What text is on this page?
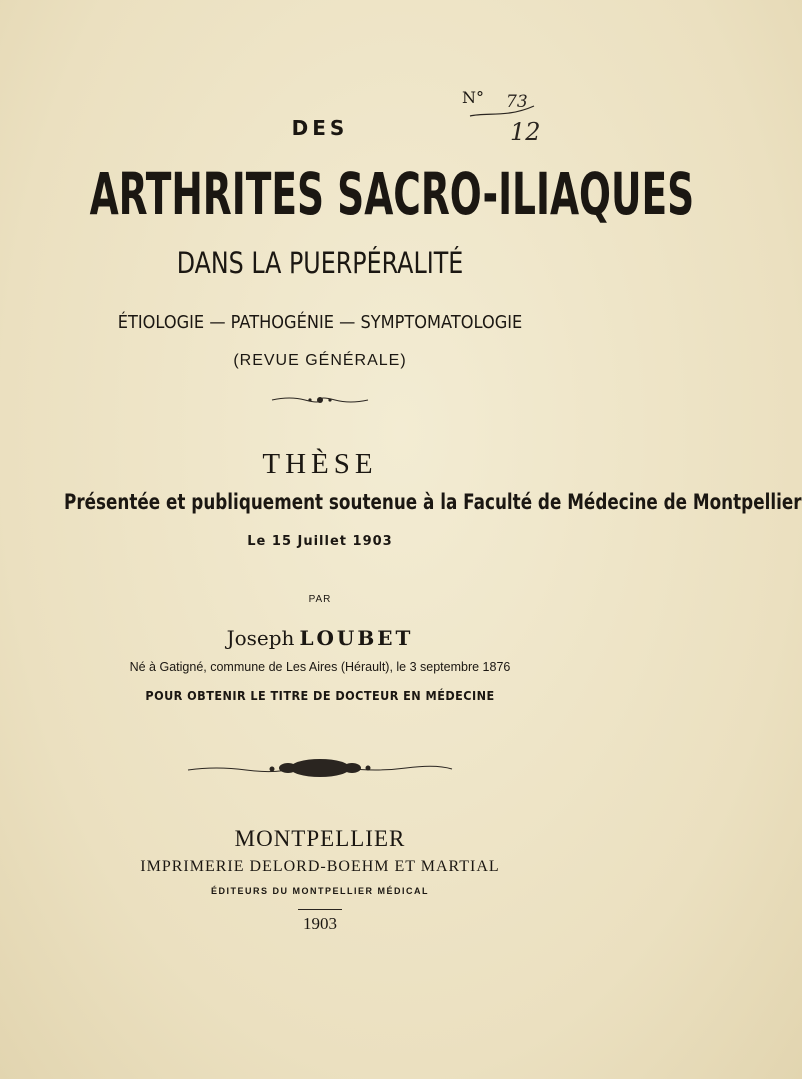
N° 73
12
DES
ARTHRITES SACRO-ILIAQUES
DANS LA PUERPÉRALITÉ
ÉTIOLOGIE — PATHOGÉNIE — SYMPTOMATOLOGIE
(REVUE GÉNÉRALE)
THÈSE
Présentée et publiquement soutenue à la Faculté de Médecine de Montpellier
Le 15 Juillet 1903
PAR
Joseph LOUBET
Né à Gatigné, commune de Les Aires (Hérault), le 3 septembre 1876
POUR OBTENIR LE TITRE DE DOCTEUR EN MÉDECINE
MONTPELLIER
IMPRIMERIE DELORD-BOEHM ET MARTIAL
ÉDITEURS DU MONTPELLIER MÉDICAL
1903
